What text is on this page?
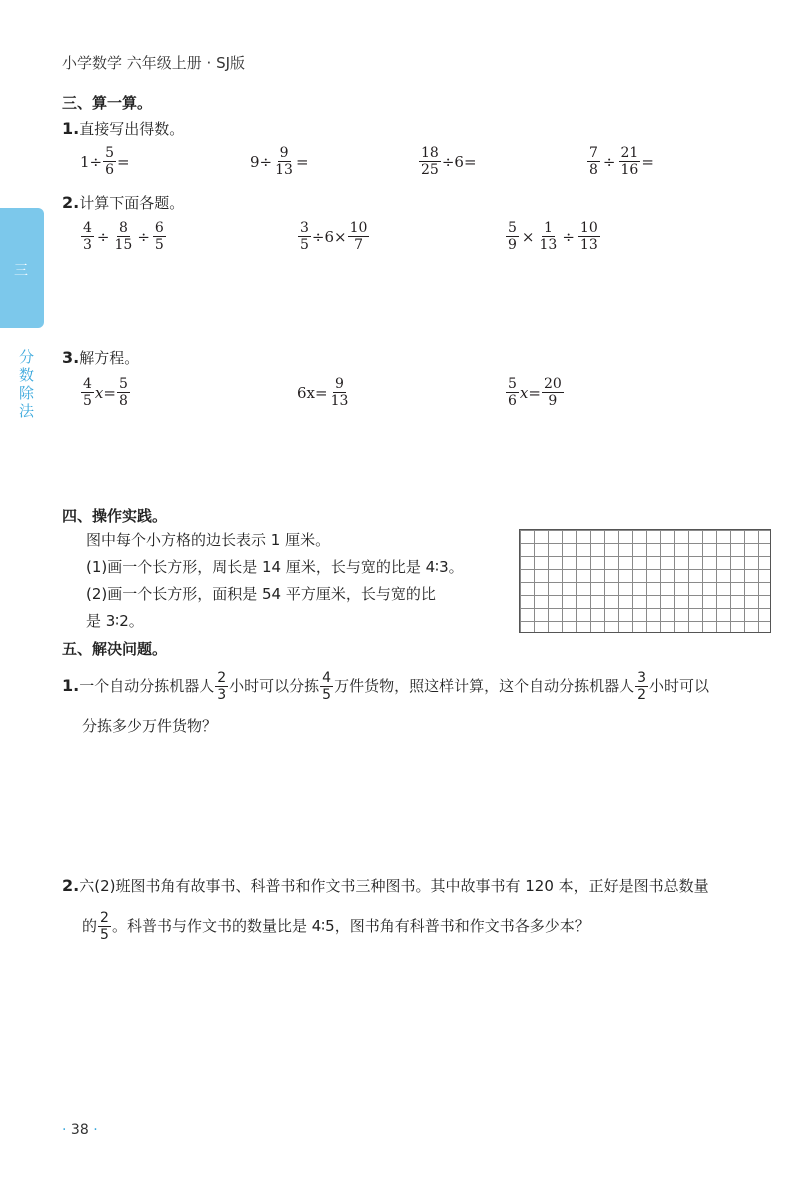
小学数学 六年级上册 · SJ版
三
分数除法
三、算一算。
1.直接写出得数。
$1\div \frac{5}{6}$ =	$9\div \frac{9}{13}$ =	$\frac{18}{25} \div 6=$	$\frac{7}{8} \div \frac{21}{16}$ =
2.计算下面各题。
$\frac{4}{3} \div \frac{8}{15} \div \frac{6}{5}$	$\frac{3}{5} \div 6\times \frac{10}{7}$	$\frac{5}{9} \times \frac{1}{13} \div \frac{10}{13}$
3.解方程。
$\frac{4}{5} x= \frac{5}{8}$	$6x= \frac{9}{13}$	$\frac{5}{6} x= \frac{20}{9}$
四、操作实践。
图中每个小方格的边长表示 1 厘米。
(1)画一个长方形，周长是 14 厘米，长与宽的比是 4∶3。
(2)画一个长方形，面积是 54 平方厘米，长与宽的比
是 3∶2。
五、解决问题。
1. 一个自动分拣机器人 $\frac{2}{3}$ 小时可以分拣 $\frac{4}{5}$ 万件货物，照这样计算，这个自动分拣机器人 $\frac{3}{2}$ 小时可以
分拣多少万件货物？
2.六(2)班图书角有故事书、科普书和作文书三种图书。其中故事书有 120 本，正好是图书总数量
的 $\frac{2}{5}$ 。科普书与作文书的数量比是 4∶5，图书角有科普书和作文书各多少本？
· 38 ·
